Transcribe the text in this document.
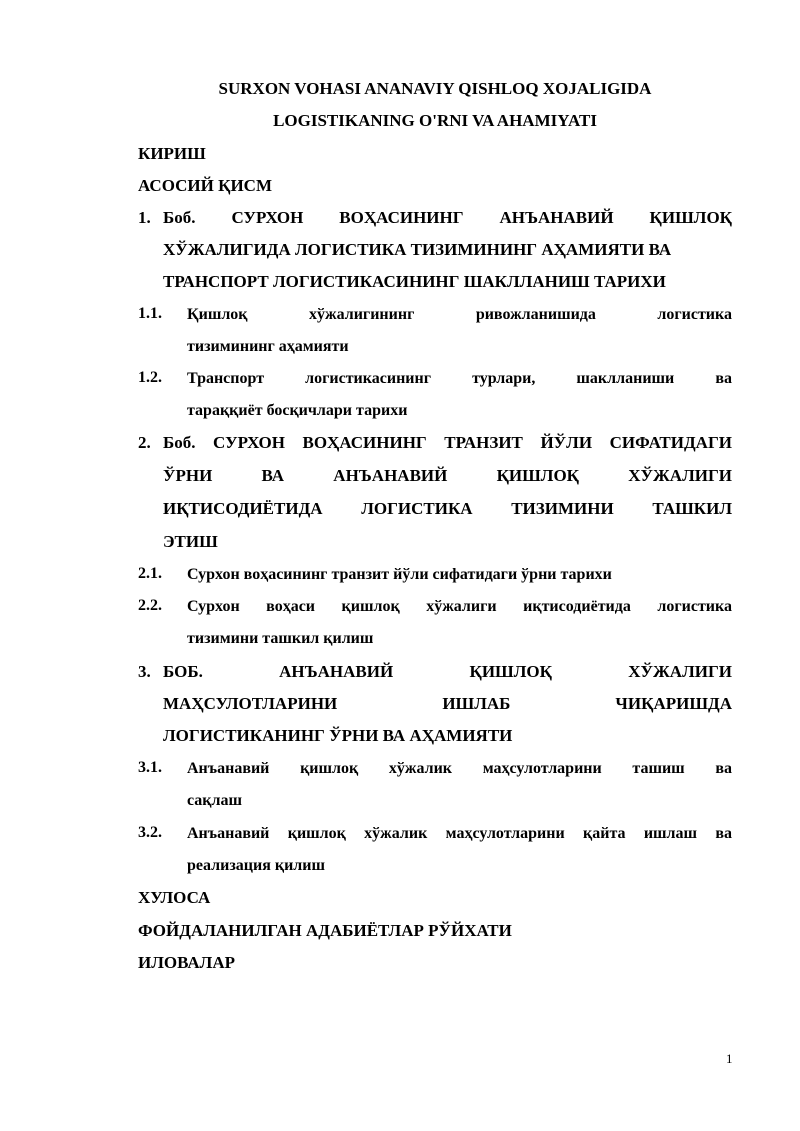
SURXON VOHASI ANANAVIY QISHLOQ XOJALIGIDA
LOGISTIKANING O'RNI VA AHAMIYATI
КИРИШ
АСОСИЙ ҚИСМ
1. Боб. СУРХОН ВОҲАСИНИНГ АНЪАНАВИЙ ҚИШЛОҚ
ХЎЖАЛИГИДА ЛОГИСТИКА ТИЗИМИНИНГ АҲАМИЯТИ ВА
ТРАНСПОРТ ЛОГИСТИКАСИНИНГ ШАКЛЛАНИШ ТАРИХИ
1.1. Қишлоқ хўжалигининг ривожланишида логистика
тизимининг аҳамияти
1.2. Транспорт логистикасининг турлари, шаклланиши ва
тараққиёт босқичлари тарихи
2. Боб. СУРХОН ВОҲАСИНИНГ ТРАНЗИТ ЙЎЛИ СИФАТИДАГИ
ЎРНИ ВА АНЪАНАВИЙ ҚИШЛОҚ ХЎЖАЛИГИ
ИҚТИСОДИЁТИДА ЛОГИСТИКА ТИЗИМИНИ ТАШКИЛ
ЭТИШ
2.1. Сурхон воҳасининг транзит йўли сифатидаги ўрни тарихи
2.2. Сурхон воҳаси қишлоқ хўжалиги иқтисодиётида логистика
тизимини ташкил қилиш
3. БОБ. АНЪАНАВИЙ ҚИШЛОҚ ХЎЖАЛИГИ
МАҲСУЛОТЛАРИНИ ИШЛАБ ЧИҚАРИШДА
ЛОГИСТИКАНИНГ ЎРНИ ВА АҲАМИЯТИ
3.1. Анъанавий қишлоқ хўжалик маҳсулотларини ташиш ва
сақлаш
3.2. Анъанавий қишлоқ хўжалик маҳсулотларини қайта ишлаш ва
реализация қилиш
ХУЛОСА
ФОЙДАЛАНИЛГАН АДАБИЁТЛАР РЎЙХАТИ
ИЛОВАЛАР
1
